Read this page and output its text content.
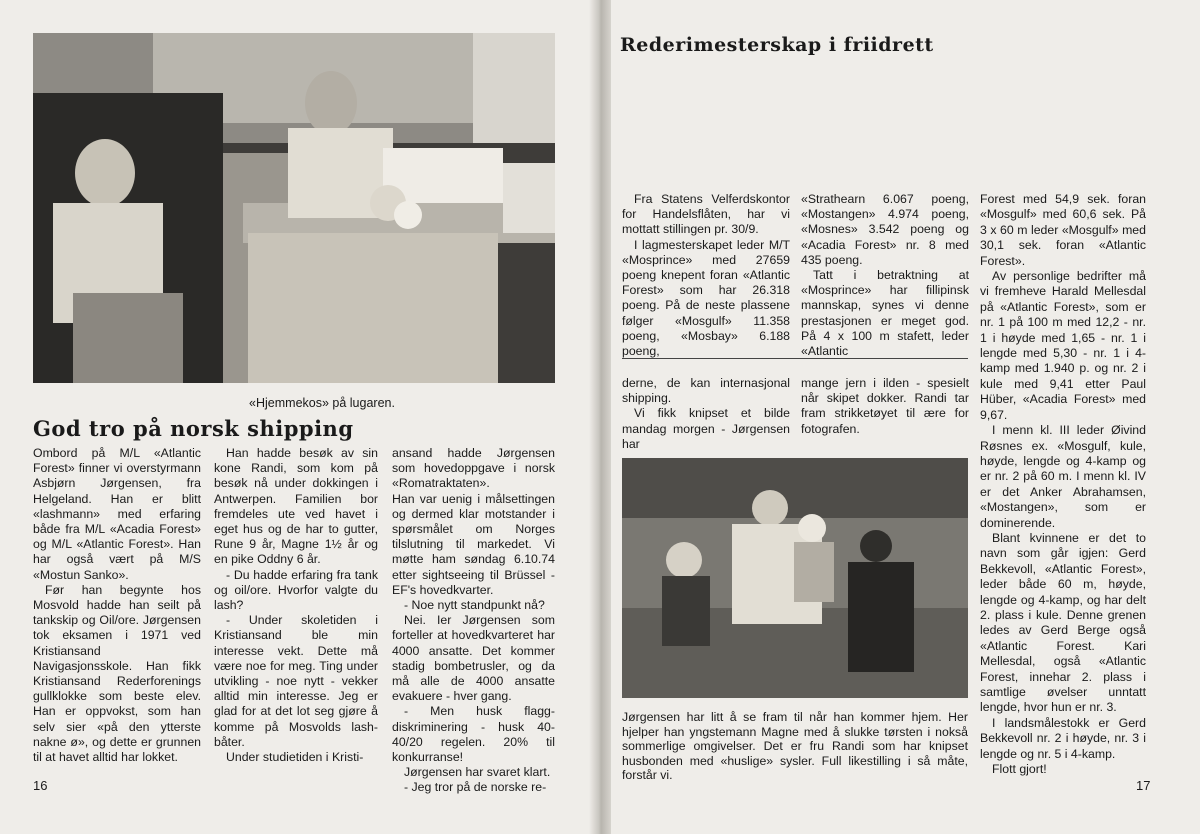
«Hjemmekos» på lugaren.
God tro på norsk shipping

Ombord på M/L «Atlantic Forest» finner vi overstyrmann Asbjørn Jørgensen, fra Helgeland. Han er blitt «lashmann» med erfaring både fra M/L «Acadia Forest» og M/L «Atlantic Forest». Han har også vært på M/S «Mostun Sanko».

Før han begynte hos Mosvold hadde han seilt på tankskip og Oil/ore. Jørgensen tok eksamen i 1971 ved Kristiansand Navigasjonsskole. Han fikk Kristiansand Rederforenings gullklokke som beste elev. Han er oppvokst, som han selv sier «på den ytterste nakne ø», og dette er grunnen til at havet alltid har lokket.

Han hadde besøk av sin kone Randi, som kom på besøk nå under dokkingen i Antwerpen. Familien bor fremdeles ute ved havet i eget hus og de har to gutter, Rune 9 år, Magne 1½ år og en pike Oddny 6 år.

- Du hadde erfaring fra tank og oil/ore. Hvorfor valgte du lash?

- Under skoletiden i Kristiansand ble min interesse vekt. Dette må være noe for meg. Ting under utvikling - noe nytt - vekker alltid min interesse. Jeg er glad for at det lot seg gjøre å komme på Mosvolds lash-båter.

Under studietiden i Kristi-

ansand hadde Jørgensen som hovedoppgave i norsk «Romatraktaten».

Han var uenig i målsettingen og dermed klar motstander i spørsmålet om Norges tilslutning til markedet. Vi møtte ham søndag 6.10.74 etter sightseeing til Brüssel - EF's hovedkvarter.

- Noe nytt standpunkt nå?

Nei. Ier Jørgensen som forteller at hovedkvarteret har 4000 ansatte. Det kommer stadig bombetrusler, og da må alle de 4000 ansatte evakuere - hver gang.

- Men husk flagg-diskriminering - husk 40-40/20 regelen. 20% til konkurranse!

Jørgensen har svaret klart.

- Jeg tror på de norske re-

16
Rederimesterskap i friidrett

Fra Statens Velferdskontor for Handelsflåten, har vi mottatt stillingen pr. 30/9.

I lagmesterskapet leder M/T «Mosprince» med 27659 poeng knepent foran «Atlantic Forest» som har 26.318 poeng. På de neste plassene følger «Mosgulf» 11.358 poeng, «Mosbay» 6.188 poeng,

«Strathearn 6.067 poeng, «Mostangen» 4.974 poeng, «Mosnes» 3.542 poeng og «Acadia Forest» nr. 8 med 435 poeng.

Tatt i betraktning at «Mosprince» har fillipinsk mannskap, synes vi denne prestasjonen er meget god. På 4 x 100 m stafett, leder «Atlantic

derne, de kan internasjonal shipping.

Vi fikk knipset et bilde mandag morgen - Jørgensen har

mange jern i ilden - spesielt når skipet dokker. Randi tar fram strikketøyet til ære for fotografen.

Jørgensen har litt å se fram til når han kommer hjem. Her hjelper han yngstemann Magne med å slukke tørsten i nokså sommerlige omgivelser. Det er fru Randi som har knipset husbonden med «huslige» sysler. Full likestilling i så måte, forstår vi.

Forest med 54,9 sek. foran «Mosgulf» med 60,6 sek. På 3 x 60 m leder «Mosgulf» med 30,1 sek. foran «Atlantic Forest».

Av personlige bedrifter må vi fremheve Harald Mellesdal på «Atlantic Forest», som er nr. 1 på 100 m med 12,2 - nr. 1 i høyde med 1,65 - nr. 1 i lengde med 5,30 - nr. 1 i 4-kamp med 1.940 p. og nr. 2 i kule med 9,41 etter Paul Hüber, «Acadia Forest» med 9,67.

I menn kl. III leder Øivind Røsnes ex. «Mosgulf, kule, høyde, lengde og 4-kamp og er nr. 2 på 60 m. I menn kl. IV er det Anker Abrahamsen, «Mostangen», som er dominerende.

Blant kvinnene er det to navn som går igjen: Gerd Bekkevoll, «Atlantic Forest», leder både 60 m, høyde, lengde og 4-kamp, og har delt 2. plass i kule. Denne grenen ledes av Gerd Berge også «Atlantic Forest. Kari Mellesdal, også «Atlantic Forest, innehar 2. plass i samtlige øvelser unntatt lengde, hvor hun er nr. 3.

I landsmålestokk er Gerd Bekkevoll nr. 2 i høyde, nr. 3 i lengde og nr. 5 i 4-kamp.

Flott gjort!

17
